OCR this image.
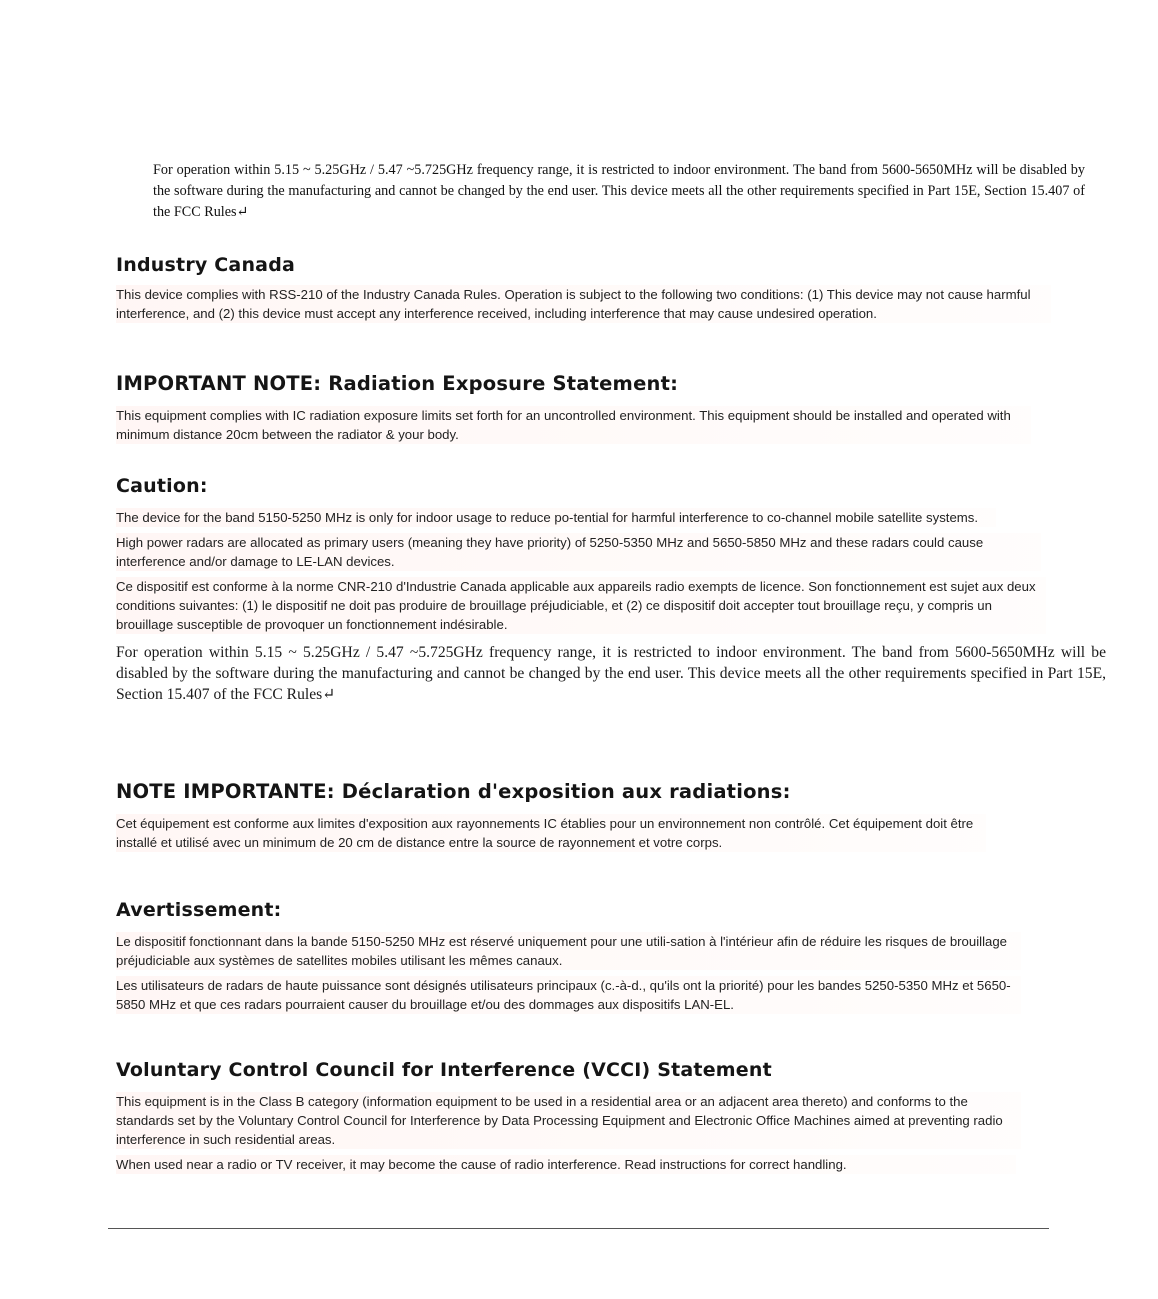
For operation within 5.15 ~ 5.25GHz / 5.47 ~5.725GHz frequency range, it is restricted to indoor environment. The band from 5600-5650MHz will be disabled by the software during the manufacturing and cannot be changed by the end user. This device meets all the other requirements specified in Part 15E, Section 15.407 of the FCC Rules↵

Industry Canada

This device complies with RSS-210 of the Industry Canada Rules. Operation is subject to the following two conditions: (1) This device may not cause harmful interference, and (2) this device must accept any interference received, including interference that may cause undesired operation.

IMPORTANT NOTE: Radiation Exposure Statement:

This equipment complies with IC radiation exposure limits set forth for an uncontrolled environment. This equipment should be installed and operated with minimum distance 20cm between the radiator & your body.

Caution:

The device for the band 5150-5250 MHz is only for indoor usage to reduce po-tential for harmful interference to co-channel mobile satellite systems.

High power radars are allocated as primary users (meaning they have priority) of 5250-5350 MHz and 5650-5850 MHz and these radars could cause interference and/or damage to LE-LAN devices.

Ce dispositif est conforme à la norme CNR-210 d'Industrie Canada applicable aux appareils radio exempts de licence. Son fonctionnement est sujet aux deux conditions suivantes: (1) le dispositif ne doit pas produire de brouillage préjudiciable, et (2) ce dispositif doit accepter tout brouillage reçu, y compris un brouillage susceptible de provoquer un fonctionnement indésirable.

For operation within 5.15 ~ 5.25GHz / 5.47 ~5.725GHz frequency range, it is restricted to indoor environment. The band from 5600-5650MHz will be disabled by the software during the manufacturing and cannot be changed by the end user. This device meets all the other requirements specified in Part 15E, Section 15.407 of the FCC Rules↵

NOTE IMPORTANTE: Déclaration d'exposition aux radiations:

Cet équipement est conforme aux limites d'exposition aux rayonnements IC établies pour un environnement non contrôlé. Cet équipement doit être installé et utilisé avec un minimum de 20 cm de distance entre la source de rayonnement et votre corps.

Avertissement:

Le dispositif fonctionnant dans la bande 5150-5250 MHz est réservé uniquement pour une utili-sation à l'intérieur afin de réduire les risques de brouillage préjudiciable aux systèmes de satellites mobiles utilisant les mêmes canaux.

Les utilisateurs de radars de haute puissance sont désignés utilisateurs principaux (c.-à-d., qu'ils ont la priorité) pour les bandes 5250-5350 MHz et 5650-5850 MHz et que ces radars pourraient causer du brouillage et/ou des dommages aux dispositifs LAN-EL.

Voluntary Control Council for Interference (VCCI) Statement

This equipment is in the Class B category (information equipment to be used in a residential area or an adjacent area thereto) and conforms to the standards set by the Voluntary Control Council for Interference by Data Processing Equipment and Electronic Office Machines aimed at preventing radio interference in such residential areas.

When used near a radio or TV receiver, it may become the cause of radio interference. Read instructions for correct handling.
